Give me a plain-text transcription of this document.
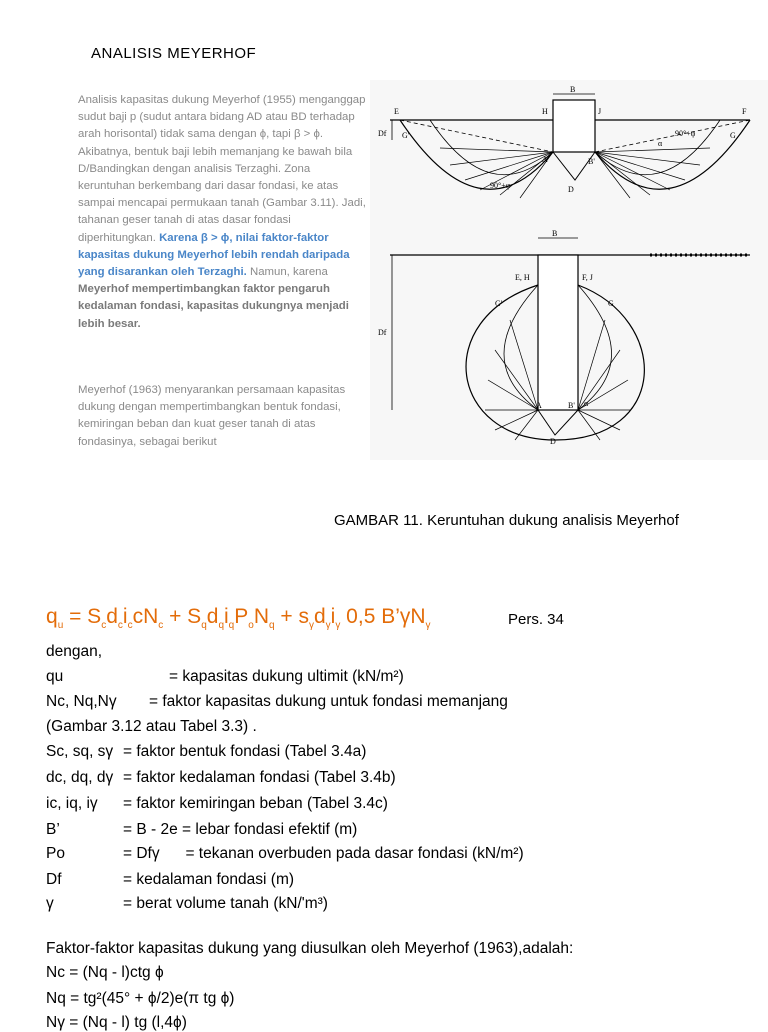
ANALISIS MEYERHOF

Analisis kapasitas dukung Meyerhof (1955) menganggap sudut baji p (sudut antara bidang AD atau BD terhadap arah horisontal) tidak sama dengan ϕ, tapi β > ϕ. Akibatnya, bentuk baji lebih memanjang ke bawah bila D/Bandingkan dengan analisis Terzaghi. Zona keruntuhan berkembang dari dasar fondasi, ke atas sampai mencapai permukaan tanah (Gambar 3.11). Jadi, tahanan geser tanah di atas dasar fondasi diperhitungkan. Karena β > ϕ, nilai faktor-faktor kapasitas dukung Meyerhof lebih rendah daripada yang disarankan oleh Terzaghi. Namun, karena Meyerhof mempertimbangkan faktor pengaruh kedalaman fondasi, kapasitas dukungnya menjadi lebih besar.

Meyerhof (1963) menyarankan persamaan kapasitas dukung dengan mempertimbangkan bentuk fondasi, kemiringan beban dan kuat geser tanah di atas fondasinya, sebagai berikut

E	H	J	F
B
Df G'	G
A
D
B'
90°+φ
90°+φ
α
B
E, H	F, J
G'	G
Df
A	B'
D
α
GAMBAR 11. Keruntuhan dukung analisis Meyerhof
$q_u = S_cd_ci_ccN_c + S_qd_qi_qP_oN_q + s_\gamma d_\gamma i_\gamma$ 0,5 $B’\gamma N_\gamma$	Pers. 34
dengan,
qu	= kapasitas dukung ultimit (kN/m²)
Nc, Nq,Nγ = faktor kapasitas dukung untuk fondasi memanjang
(Gambar 3.12 atau Tabel 3.3) .
Sc, sq, sγ = faktor bentuk fondasi (Tabel 3.4a)
dc, dq, dγ = faktor kedalaman fondasi (Tabel 3.4b)
ic, iq, iγ = faktor kemiringan beban (Tabel 3.4c)
B’	= B - 2e = lebar fondasi efektif (m)
Po	= Dfγ      = tekanan overbuden pada dasar fondasi (kN/m²)
Df	= kedalaman fondasi (m)
γ	= berat volume tanah (kN/'m³)
Faktor-faktor kapasitas dukung yang diusulkan oleh Meyerhof (1963),adalah:
Nc = (Nq - l)ctg ϕ
Nq = tg²(45° + ϕ/2)e(π tg ϕ)
Nγ = (Nq - l) tg (l,4ϕ)
